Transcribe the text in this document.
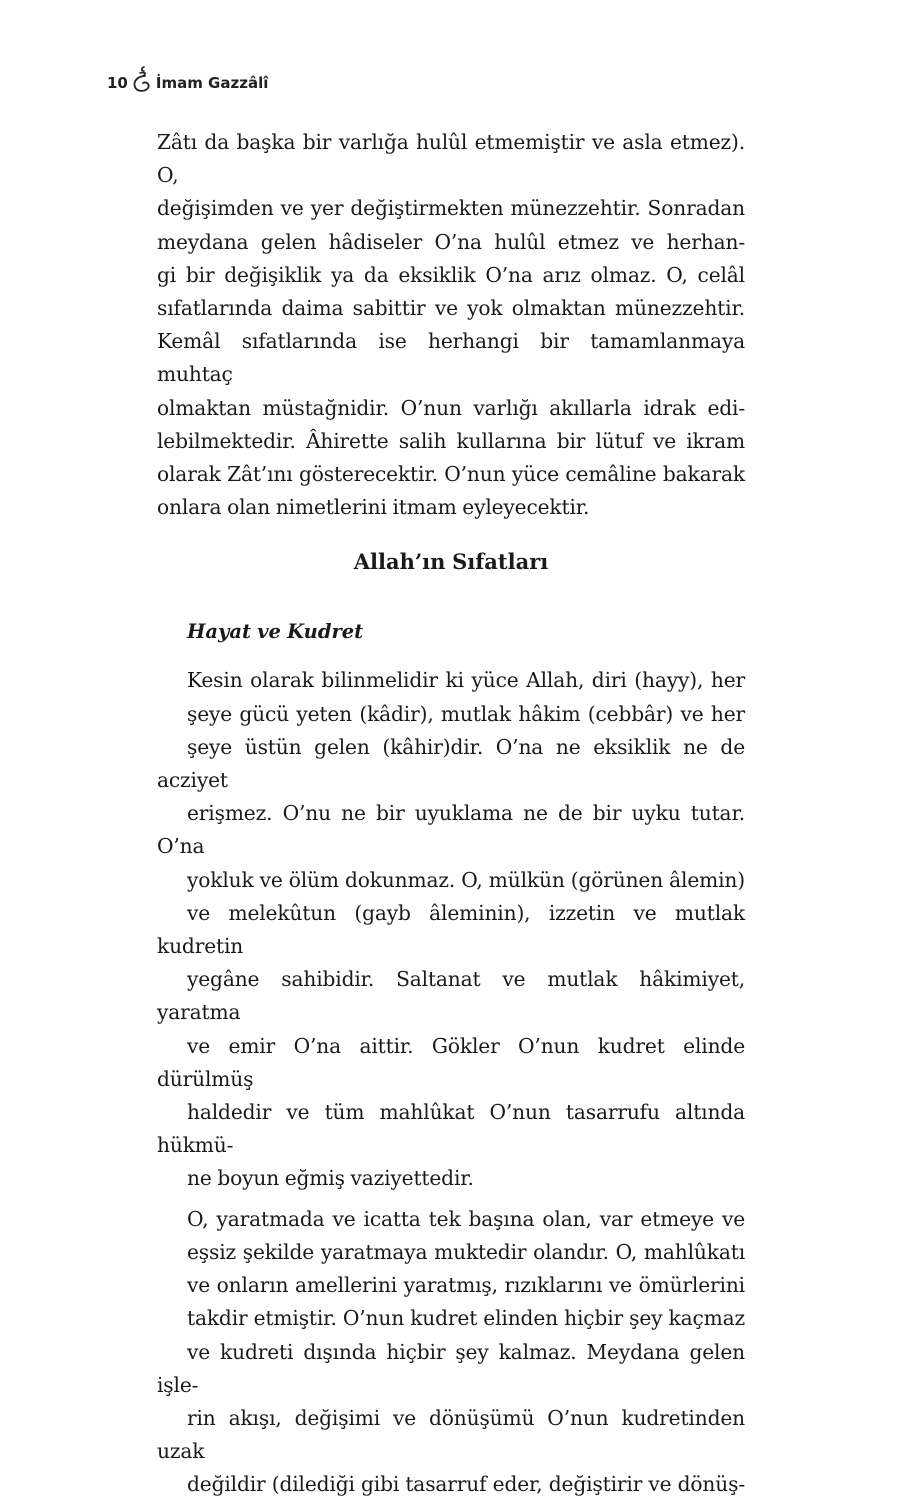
10 İmam Gazzâlî

Zâtı da başka bir varlığa hulûl etmemiştir ve asla etmez). O,
değişimden ve yer değiştirmekten münezzehtir. Sonradan
meydana gelen hâdiseler O’na hulûl etmez ve herhan-
gi bir değişiklik ya da eksiklik O’na arız olmaz. O, celâl
sıfatlarında daima sabittir ve yok olmaktan münezzehtir.
Kemâl sıfatlarında ise herhangi bir tamamlanmaya muhtaç
olmaktan müstağnidir. O’nun varlığı akıllarla idrak edi-
lebilmektedir. Âhirette salih kullarına bir lütuf ve ikram
olarak Zât’ını gösterecektir. O’nun yüce cemâline bakarak
onlara olan nimetlerini itmam eyleyecektir.

Allah’ın Sıfatları
Hayat ve Kudret

Kesin olarak bilinmelidir ki yüce Allah, diri (hayy), her
şeye gücü yeten (kâdir), mutlak hâkim (cebbâr) ve her
şeye üstün gelen (kâhir)dir. O’na ne eksiklik ne de acziyet
erişmez. O’nu ne bir uyuklama ne de bir uyku tutar. O’na
yokluk ve ölüm dokunmaz. O, mülkün (görünen âlemin)
ve melekûtun (gayb âleminin), izzetin ve mutlak kudretin
yegâne sahibidir. Saltanat ve mutlak hâkimiyet, yaratma
ve emir O’na aittir. Gökler O’nun kudret elinde dürülmüş
haldedir ve tüm mahlûkat O’nun tasarrufu altında hükmü-
ne boyun eğmiş vaziyettedir.

O, yaratmada ve icatta tek başına olan, var etmeye ve
eşsiz şekilde yaratmaya muktedir olandır. O, mahlûkatı
ve onların amellerini yaratmış, rızıklarını ve ömürlerini
takdir etmiştir. O’nun kudret elinden hiçbir şey kaçmaz
ve kudreti dışında hiçbir şey kalmaz. Meydana gelen işle-
rin akışı, değişimi ve dönüşümü O’nun kudretinden uzak
değildir (dilediği gibi tasarruf eder, değiştirir ve dönüş-
